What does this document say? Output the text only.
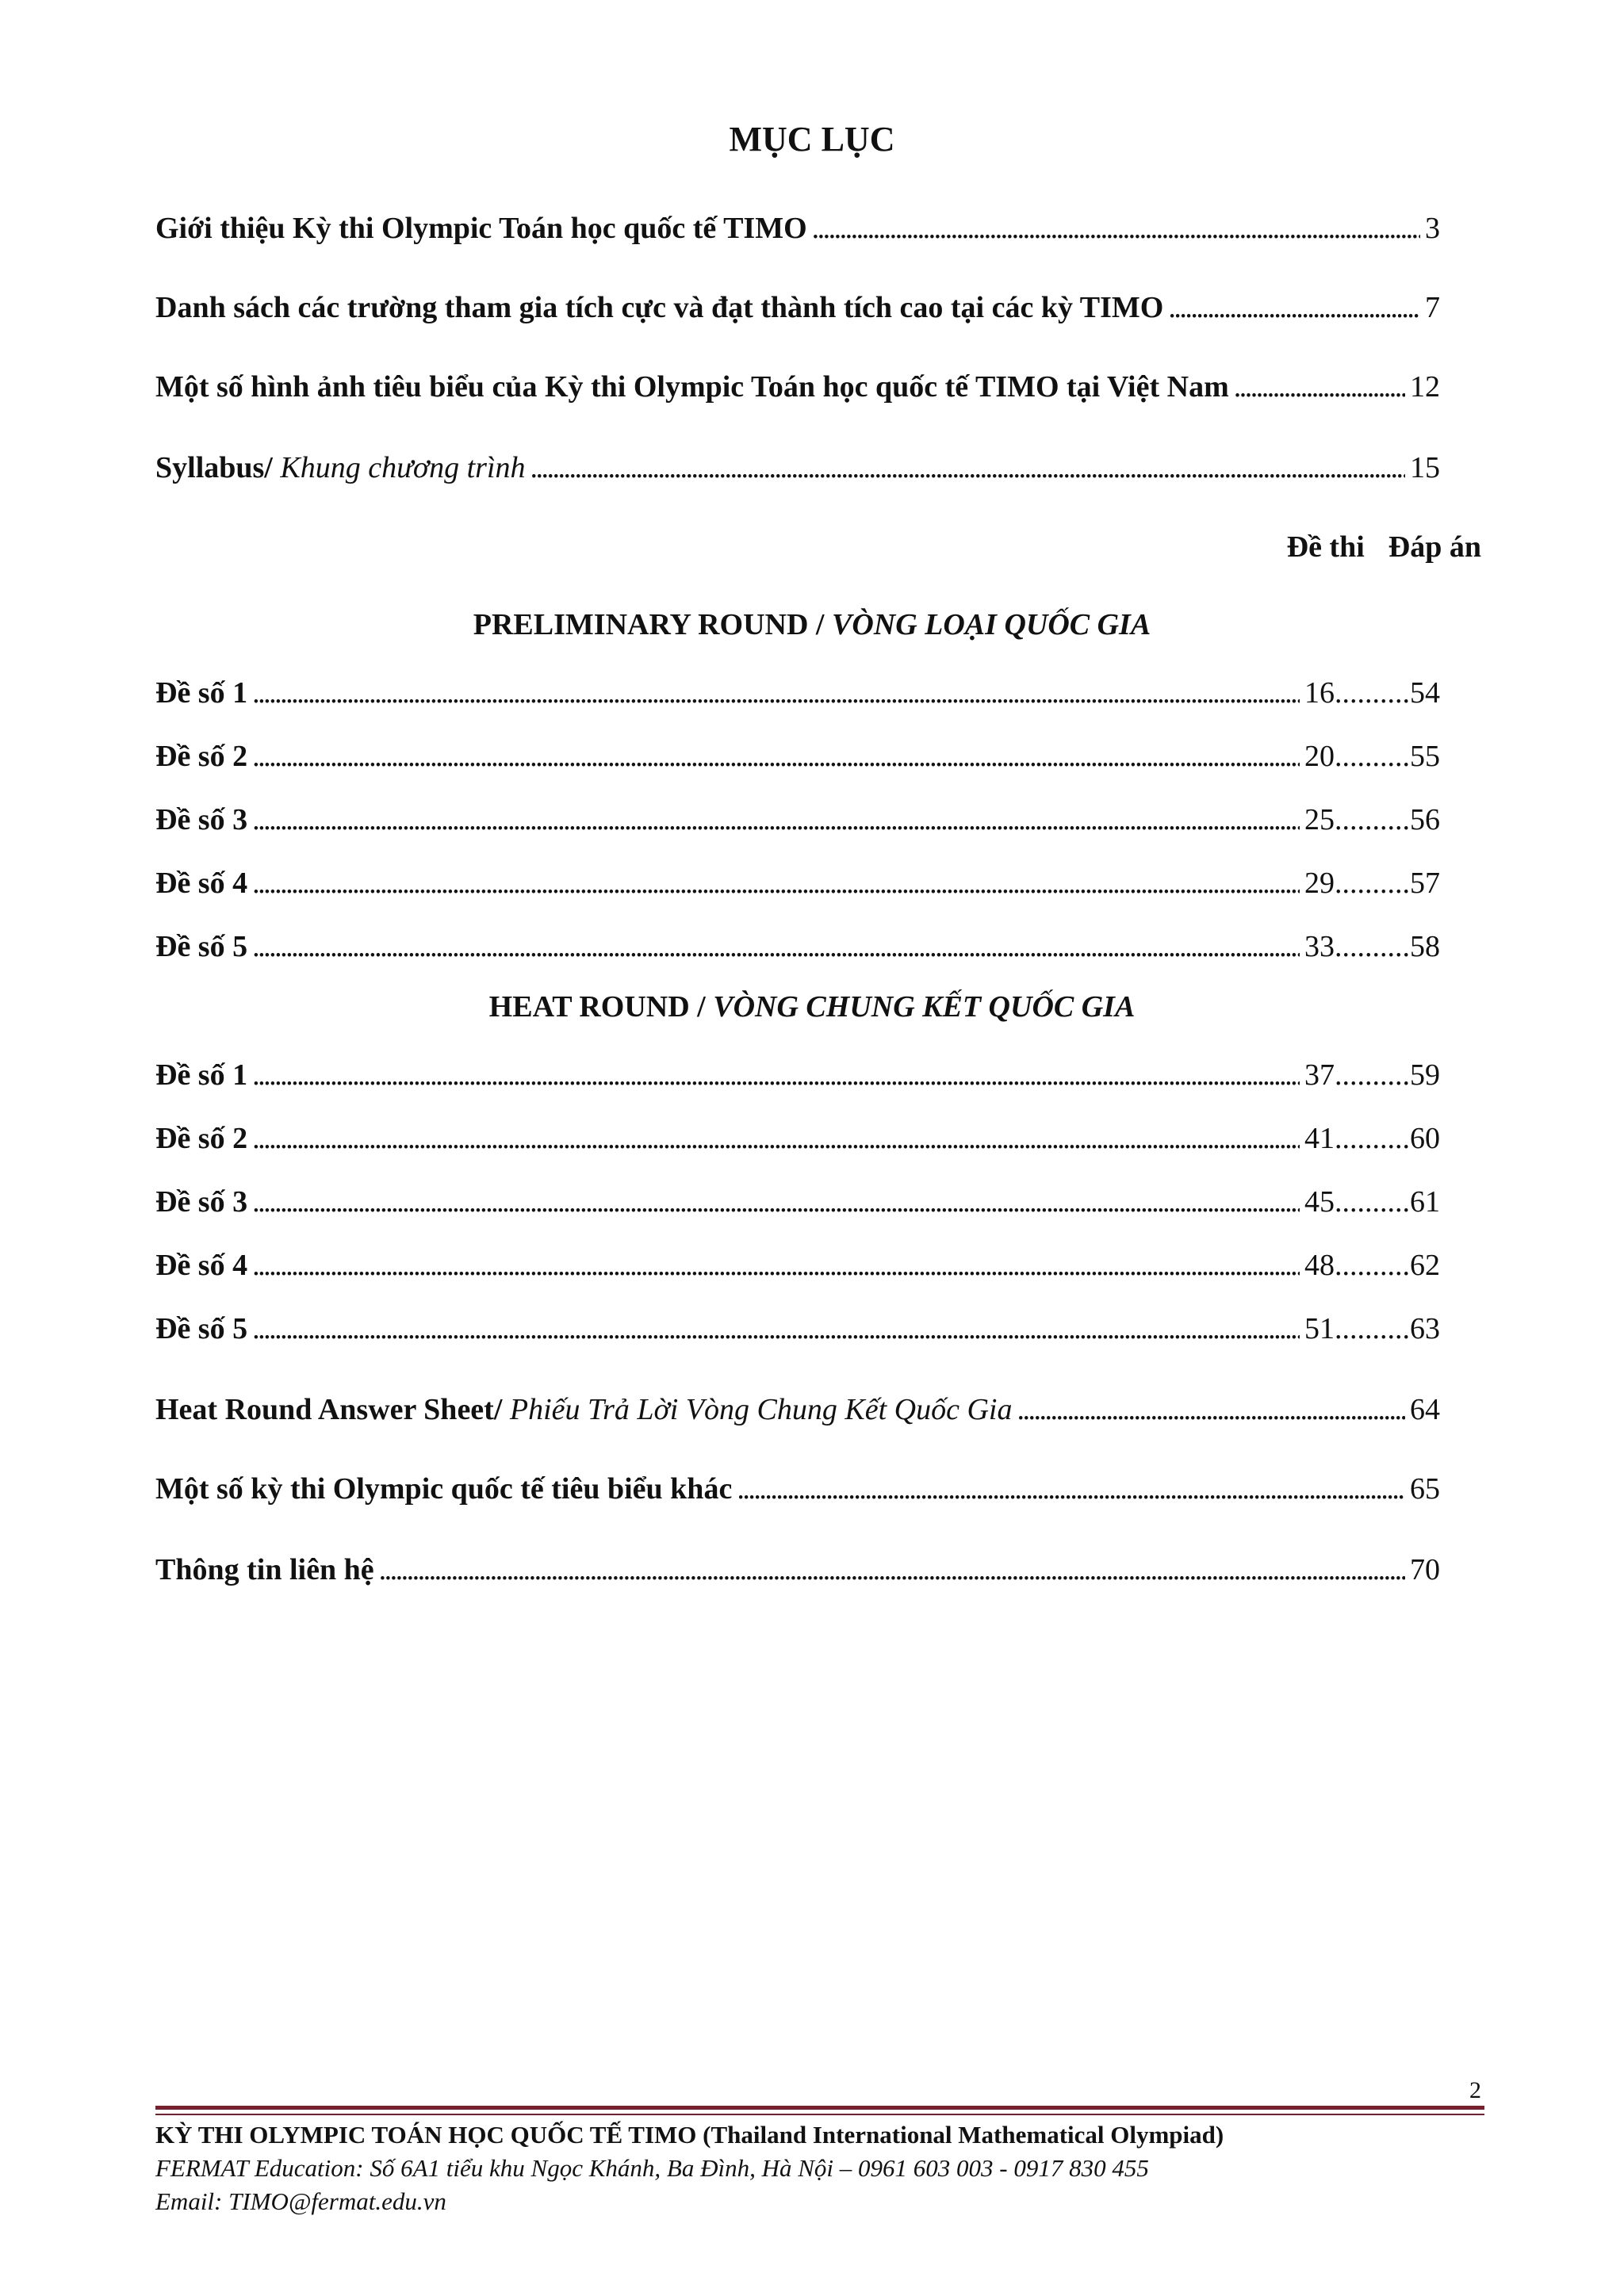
MỤC LỤC
Giới thiệu Kỳ thi Olympic Toán học quốc tế TIMO . . .	3
Danh sách các trường tham gia tích cực và đạt thành tích cao tại các kỳ TIMO . . .	7
Một số hình ảnh tiêu biểu của Kỳ thi Olympic Toán học quốc tế TIMO tại Việt Nam . . .	12
Syllabus/ Khung chương trình . . .	15
Đề thi Đáp án
PRELIMINARY ROUND / VÒNG LOẠI QUỐC GIA
Đề số 1 . . .	16	..... 54
Đề số 2 . . .	20	..... 55
Đề số 3 . . .	25	..... 56
Đề số 4 . . .	29	..... 57
Đề số 5 . . .	33	..... 58
HEAT ROUND / VÒNG CHUNG KẾT QUỐC GIA
Đề số 1 . . .	37	..... 59
Đề số 2 . . .	41	..... 60
Đề số 3 . . .	45	..... 61
Đề số 4 . . .	48	..... 62
Đề số 5 . . .	51	..... 63
Heat Round Answer Sheet/ Phiếu Trả Lời Vòng Chung Kết Quốc Gia . . .	64
Một số kỳ thi Olympic quốc tế tiêu biểu khác . . .	65
Thông tin liên hệ . . .	70
2
KỲ THI OLYMPIC TOÁN HỌC QUỐC TẾ TIMO (Thailand International Mathematical Olympiad)
FERMAT Education: Số 6A1 tiểu khu Ngọc Khánh, Ba Đình, Hà Nội – 0961 603 003 - 0917 830 455
Email: TIMO@fermat.edu.vn
